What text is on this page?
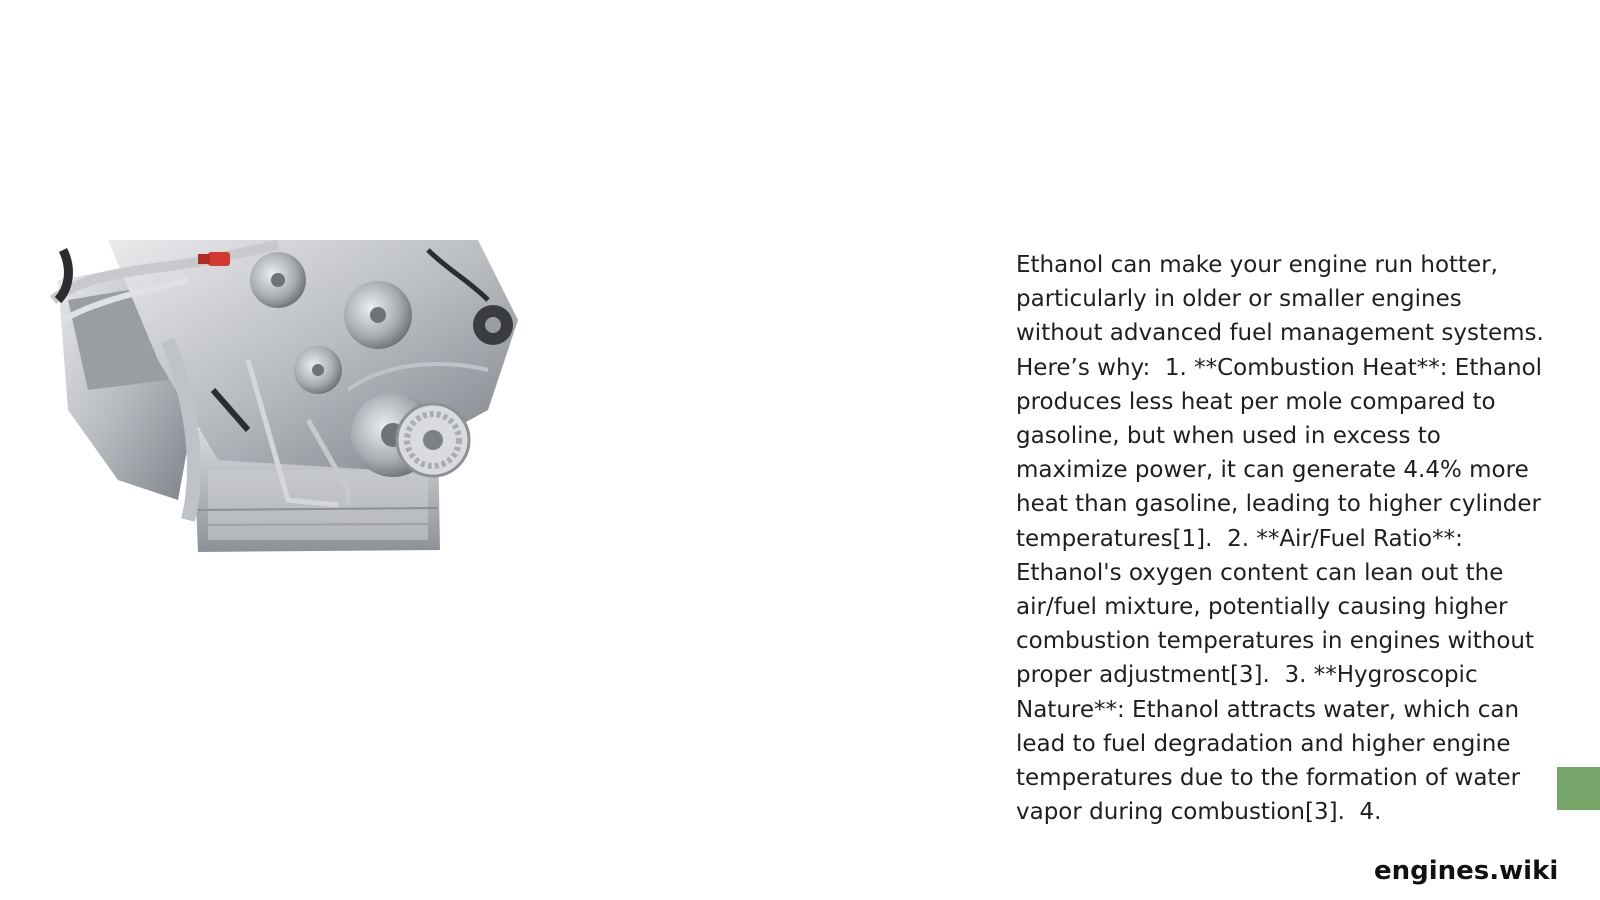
Ethanol can make your engine run hotter, particularly in older or smaller engines without advanced fuel management systems. Here’s why:  1. **Combustion Heat**: Ethanol produces less heat per mole compared to gasoline, but when used in excess to maximize power, it can generate 4.4% more heat than gasoline, leading to higher cylinder temperatures[1].  2. **Air/Fuel Ratio**: Ethanol's oxygen content can lean out the air/fuel mixture, potentially causing higher combustion temperatures in engines without proper adjustment[3].  3. **Hygroscopic Nature**: Ethanol attracts water, which can lead to fuel degradation and higher engine temperatures due to the formation of water vapor during combustion[3].  4.

engines.wiki
